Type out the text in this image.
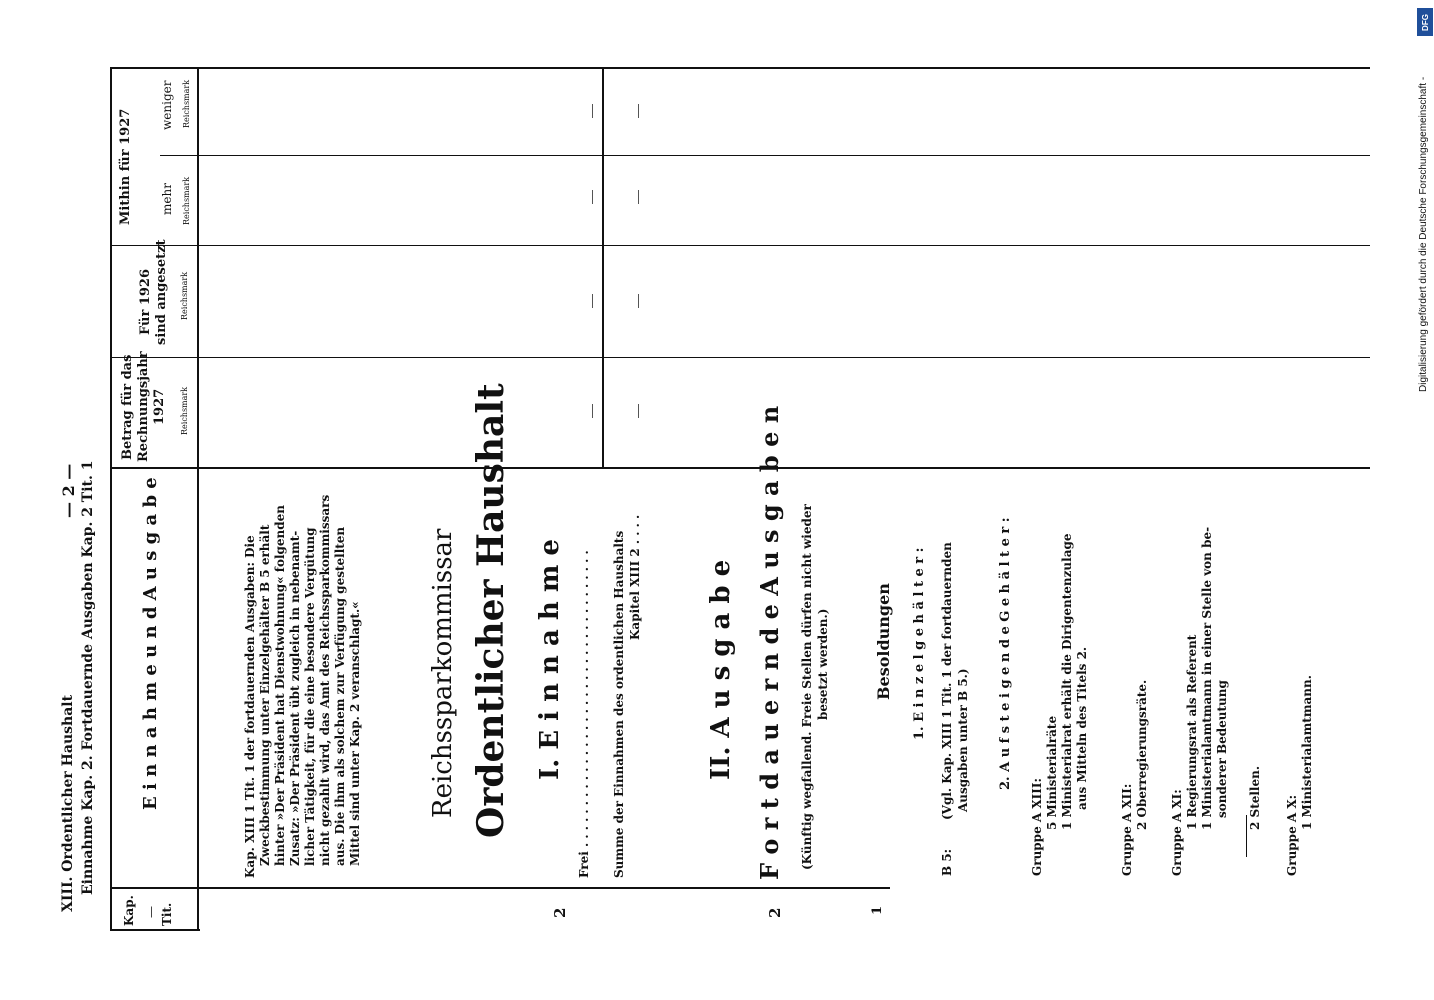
XIII. Ordentlicher Haushalt Einnahme Kap. 2. Fortdauernde Ausgaben Kap. 2 Tit. 1
— 2 —
Kap. — Tit.
E i n n a h m e u n d A u s g a b e
Betrag für das Rechnungsjahr 1927 Reichsmark
Für 1926 sind angesetzt Reichsmark
Mithin für 1927 mehr Reichsmark
weniger Reichsmark
Kap. XIII 1 Tit. 1 der fortdauernden Ausgaben: Die Zweckbestimmung unter Einzelgehälter B 5 erhält hinter »Der Präsident hat Dienstwohnung« folgenden Zusatz: »Der Präsident übt zugleich in nebenamt- licher Tätigkeit, für die eine besondere Vergütung nicht gezahlt wird, das Amt des Reichssparkommissars aus. Die ihm als solchem zur Verfügung gestellten Mittel sind unter Kap. 2 veranschlagt.«	Reichssparkommissar Ordentlicher Haushalt I. E i n n a h m e
2
Frei . . . . . . . . . . . . . . . . . . . . . . . . . . . . . . . . . . . . Summe der Einnahmen des ordentlichen Haushalts Kapitel XIII 2 . . . . II. A u s g a b e
2
F o r t d a u e r n d e A u s g a b e n (Künftig wegfallend. Freie Stellen dürfen nicht wieder besetzt werden.)
1
Besoldungen 1. E i n z e l g e h ä l t e r :
B 5:
(Vgl. Kap. XIII 1 Tit. 1 der fortdauernden Ausgaben unter B 5.) 2. A u f s t e i g e n d e G e h ä l t e r :
Gruppe A XIII: 5 Ministerialräte 1 Ministerialrat erhält die Dirigentenzulage aus Mitteln des Titels 2.
Gruppe A XII: 2 Oberregierungsräte.
Gruppe A XI:
1 Regierungsrat als Referent 1 Ministerialamtmann in einer Stelle von be- sonderer Bedeutung 2 Stellen. Gruppe A X:
1 Ministerialamtmann.
Digitalisierung gefördert durch die Deutsche Forschungsgemeinschaft -
DFG
